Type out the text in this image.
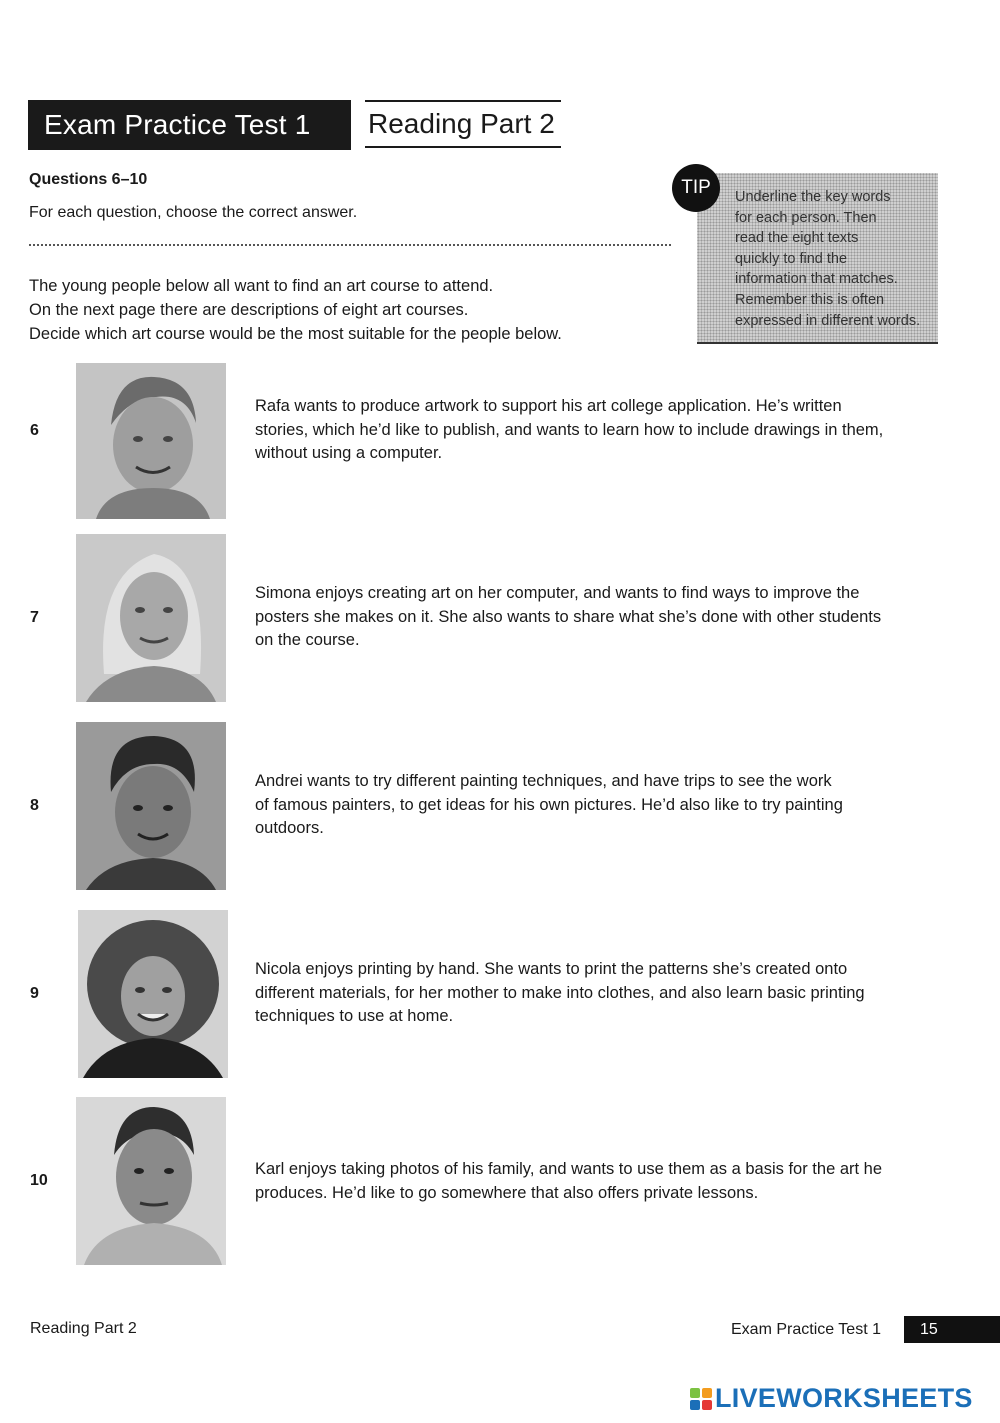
Exam Practice Test 1	Reading Part 2
Questions 6–10
For each question, choose the correct answer.
The young people below all want to find an art course to attend.
On the next page there are descriptions of eight art courses.
Decide which art course would be the most suitable for the people below.
TIP	Underline the key words
for each person. Then
read the eight texts
quickly to find the
information that matches.
Remember this is often
expressed in different words.
6
Rafa wants to produce artwork to support his art college application. He’s written
stories, which he’d like to publish, and wants to learn how to include drawings in them,
without using a computer.
7
Simona enjoys creating art on her computer, and wants to find ways to improve the
posters she makes on it. She also wants to share what she’s done with other students
on the course.
8
Andrei wants to try different painting techniques, and have trips to see the work
of famous painters, to get ideas for his own pictures. He’d also like to try painting
outdoors.
9
Nicola enjoys printing by hand. She wants to print the patterns she’s created onto
different materials, for her mother to make into clothes, and also learn basic printing
techniques to use at home.
10
Karl enjoys taking photos of his family, and wants to use them as a basis for the art he
produces. He’d like to go somewhere that also offers private lessons.
Reading Part 2	Exam Practice Test 1	15
LIVEWORKSHEETS
